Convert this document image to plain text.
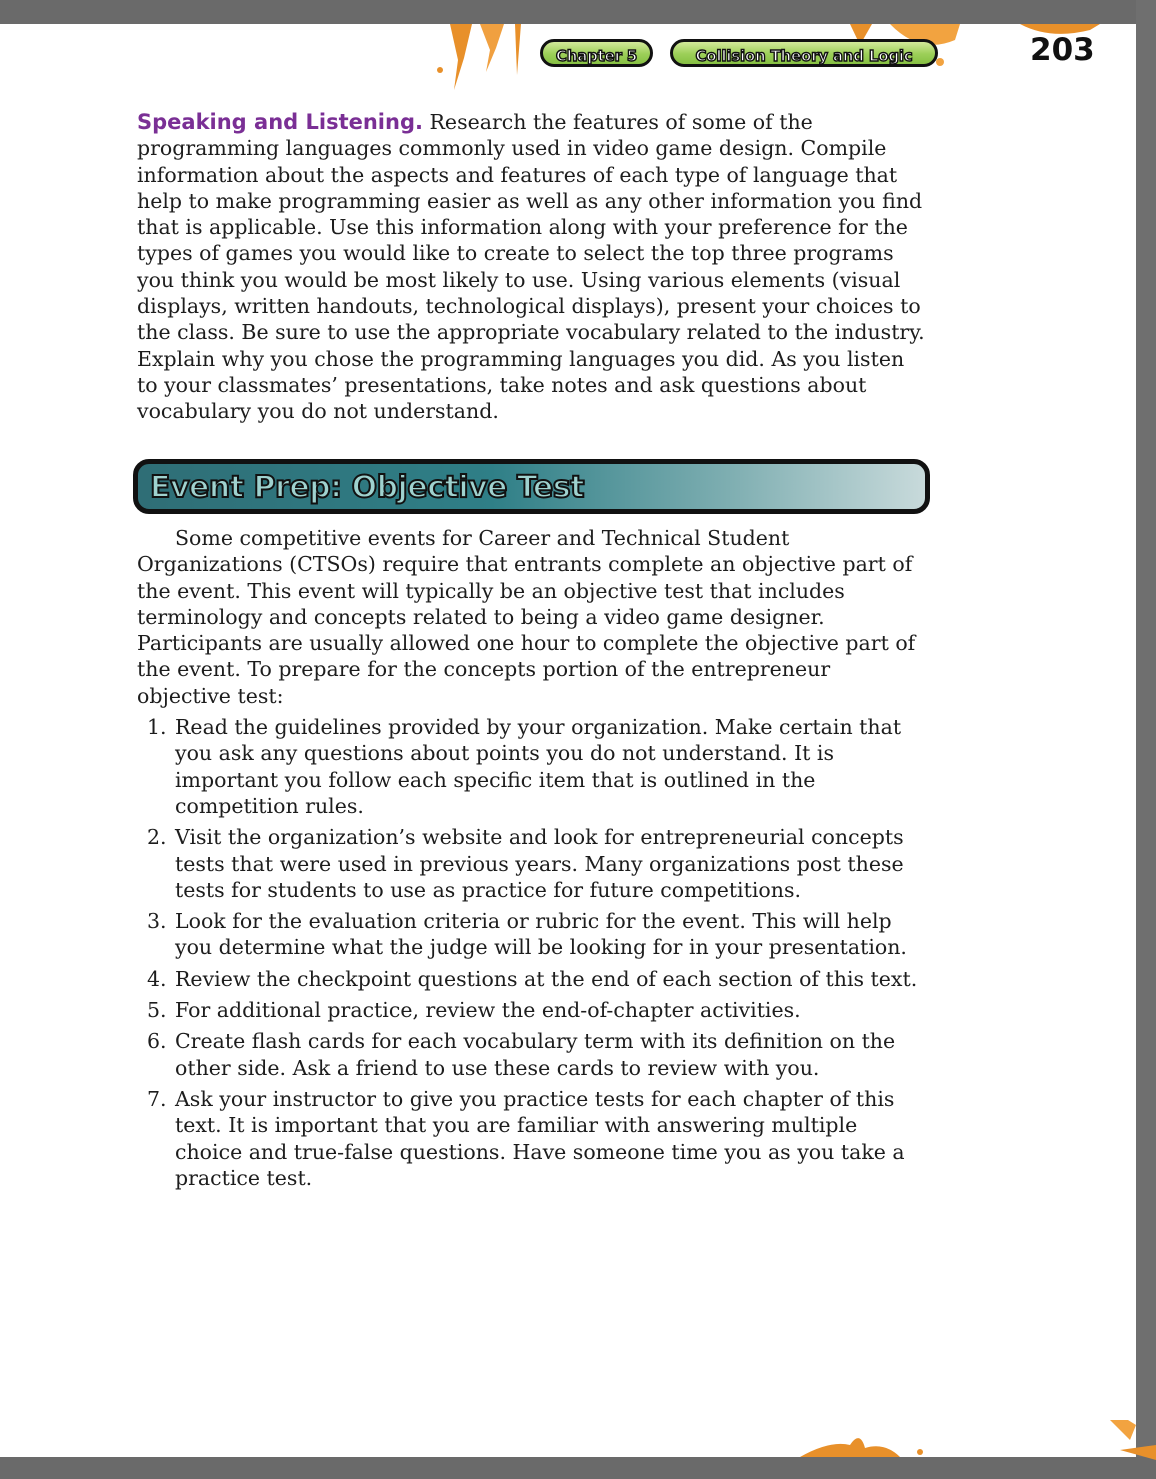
Chapter 5	Collision Theory and Logic	203
Speaking and Listening. Research the features of some of the programming languages commonly used in video game design. Compile information about the aspects and features of each type of language that help to make programming easier as well as any other information you find that is applicable. Use this information along with your preference for the types of games you would like to create to select the top three programs you think you would be most likely to use. Using various elements (visual displays, written handouts, technological displays), present your choices to the class. Be sure to use the appropriate vocabulary related to the industry. Explain why you chose the programming languages you did. As you listen to your classmates’ presentations, take notes and ask questions about vocabulary you do not understand.
Event Prep: Objective Test

Some competitive events for Career and Technical Student Organizations (CTSOs) require that entrants complete an objective part of the event. This event will typically be an objective test that includes terminology and concepts related to being a video game designer. Participants are usually allowed one hour to complete the objective part of the event. To prepare for the concepts portion of the entrepreneur objective test:

1. Read the guidelines provided by your organization. Make certain that you ask any questions about points you do not understand. It is important you follow each specific item that is outlined in the competition rules.
2. Visit the organization’s website and look for entrepreneurial concepts tests that were used in previous years. Many organizations post these tests for students to use as practice for future competitions.
3. Look for the evaluation criteria or rubric for the event. This will help you determine what the judge will be looking for in your presentation.
4. Review the checkpoint questions at the end of each section of this text.
5. For additional practice, review the end-of-chapter activities.
6. Create flash cards for each vocabulary term with its definition on the other side. Ask a friend to use these cards to review with you.
7. Ask your instructor to give you practice tests for each chapter of this text. It is important that you are familiar with answering multiple choice and true-false questions. Have someone time you as you take a practice test.
